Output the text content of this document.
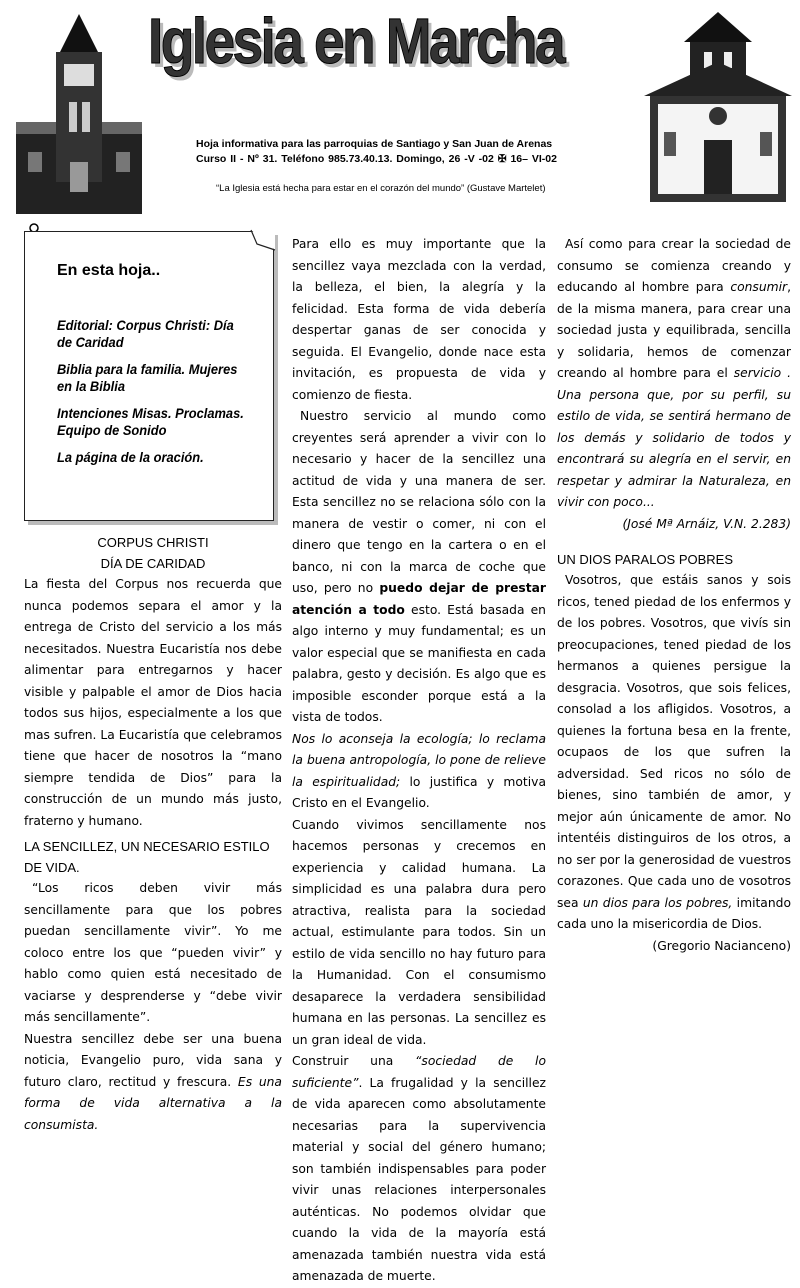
Iglesia en Marcha
Hoja informativa para las parroquias de Santiago y San Juan de Arenas
Curso II - Nº 31. Teléfono 985.73.40.13. Domingo, 26 -V -02 ✠ 16– VI-02
“La Iglesia está hecha para estar en el corazón del mundo” (Gustave Martelet)
En esta hoja..
Editorial: Corpus Christi: Día de Caridad
Biblia para la familia. Mujeres en la Biblia
Intenciones Misas. Proclamas. Equipo de Sonido
La página de la oración.
CORPUS CHRISTI
DÍA DE CARIDAD

La fiesta del Corpus nos recuerda que nunca podemos separa el amor y la entrega de Cristo del servicio a los más necesitados. Nuestra Eucaristía nos debe alimentar para entregarnos y hacer visible y palpable el amor de Dios hacia todos sus hijos, especialmente a los que mas sufren. La Eucaristía que celebramos tiene que hacer de nosotros la “mano siempre tendida de Dios” para la construcción de un mundo más justo, fraterno y humano.

LA SENCILLEZ, UN NECESARIO ESTILO DE VIDA.

“Los ricos deben vivir más sencillamente para que los pobres puedan sencillamente vivir”. Yo me coloco entre los que “pueden vivir” y hablo como quien está necesitado de vaciarse y desprenderse y “debe vivir más sencillamente”.

Nuestra sencillez debe ser una buena noticia, Evangelio puro, vida sana y futuro claro, rectitud y frescura. Es una forma de vida alternativa a la consumista.

Para ello es muy importante que la sencillez vaya mezclada con la verdad, la belleza, el bien, la alegría y la felicidad. Esta forma de vida debería despertar ganas de ser conocida y seguida. El Evangelio, donde nace esta invitación, es propuesta de vida y comienzo de fiesta.

Nuestro servicio al mundo como creyentes será aprender a vivir con lo necesario y hacer de la sencillez una actitud de vida y una manera de ser. Esta sencillez no se relaciona sólo con la manera de vestir o comer, ni con el dinero que tengo en la cartera o en el banco, ni con la marca de coche que uso, pero no puedo dejar de prestar atención a todo esto. Está basada en algo interno y muy fundamental; es un valor especial que se manifiesta en cada palabra, gesto y decisión. Es algo que es imposible esconder porque está a la vista de todos.

Nos lo aconseja la ecología; lo reclama la buena antropología, lo pone de relieve la espiritualidad; lo justifica y motiva Cristo en el Evangelio.

Cuando vivimos sencillamente nos hacemos personas y crecemos en experiencia y calidad humana. La simplicidad es una palabra dura pero atractiva, realista para la sociedad actual, estimulante para todos. Sin un estilo de vida sencillo no hay futuro para la Humanidad. Con el consumismo desaparece la verdadera sensibilidad humana en las personas. La sencillez es un gran ideal de vida.

Construir una “sociedad de lo suficiente”. La frugalidad y la sencillez de vida aparecen como absolutamente necesarias para la supervivencia material y social del género humano; son también indispensables para poder vivir unas relaciones interpersonales auténticas. No podemos olvidar que cuando la vida de la mayoría está amenazada también nuestra vida está amenazada de muerte.

Así como para crear la sociedad de consumo se comienza creando y educando al hombre para consumir, de la misma manera, para crear una sociedad justa y equilibrada, sencilla y solidaria, hemos de comenzar creando al hombre para el servicio . Una persona que, por su perfil, su estilo de vida, se sentirá hermano de los demás y solidario de todos y encontrará su alegría en el servir, en respetar y admirar la Naturaleza, en vivir con poco...

(José Mª Arnáiz, V.N. 2.283)

UN DIOS PARALOS POBRES

Vosotros, que estáis sanos y sois ricos, tened piedad de los enfermos y de los pobres. Vosotros, que vivís sin preocupaciones, tened piedad de los hermanos a quienes persigue la desgracia. Vosotros, que sois felices, consolad a los afligidos. Vosotros, a quienes la fortuna besa en la frente, ocupaos de los que sufren la adversidad. Sed ricos no sólo de bienes, sino también de amor, y mejor aún únicamente de amor. No intentéis distinguiros de los otros, a no ser por la generosidad de vuestros corazones. Que cada uno de vosotros sea un dios para los pobres, imitando cada uno la misericordia de Dios.

(Gregorio Nacianceno)
